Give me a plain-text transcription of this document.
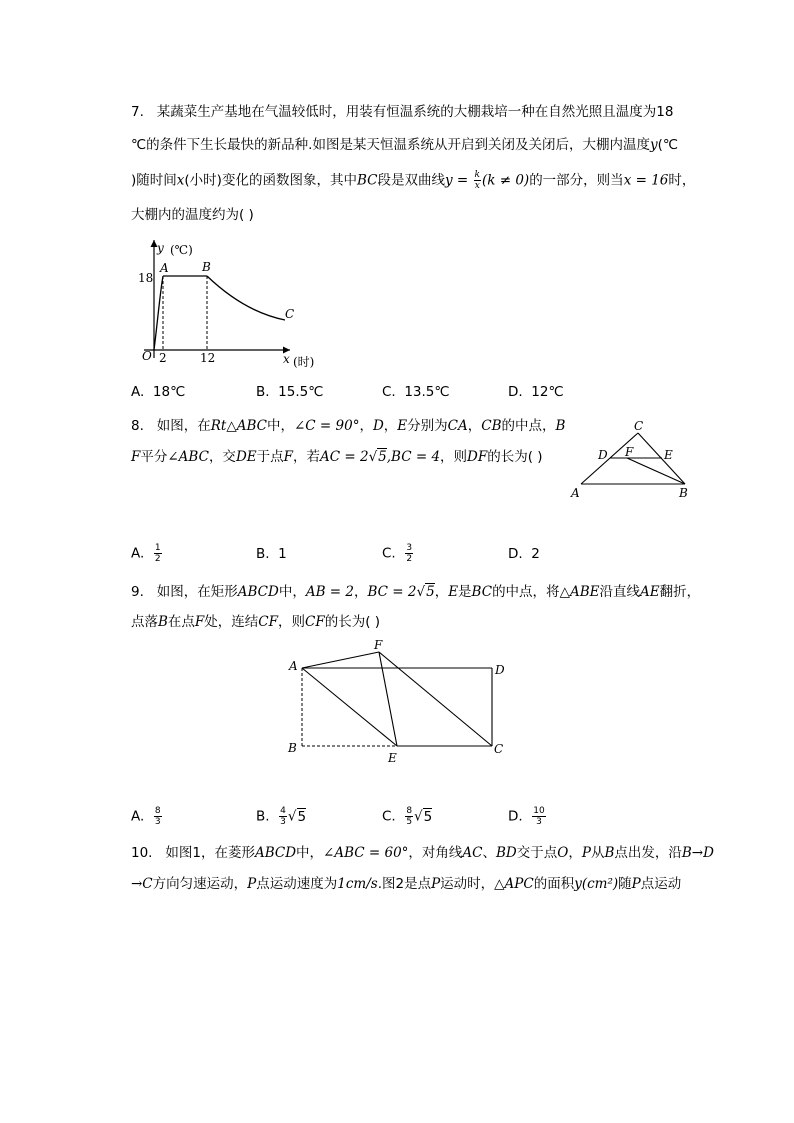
7. 某蔬菜生产基地在气温较低时，用装有恒温系统的大棚栽培一种在自然光照且温度为18
℃的条件下生长最快的新品种.如图是某天恒温系统从开启到关闭及关闭后，大棚内温度y(℃
)随时间x(小时)变化的函数图象，其中BC段是双曲线$y = \frac{k}{x} (k \ne 0)$的一部分，则当x = 16时，
大棚内的温度约为( )
y (℃)
x (时)
O
18
2	12
A	B
C
A. 18℃	B. 15.5℃	C. 13.5℃	D. 12℃
8. 如图，在Rt△ABC中，∠C = 90°，D，E分别为CA，CB的中点，B
F平分∠ABC，交DE于点F，若AC = 2√5,BC = 4，则DF的长为( )
C
D F	E
A	B
A. $\frac{1}{2}$	B. 1	C. $\frac{3}{2}$	D. 2
9. 如图，在矩形ABCD中，AB = 2，BC = 2√5，E是BC的中点，将△ABE沿直线AE翻折，
点落B在点F处，连结CF，则CF的长为( )
A
F
D
B
E
C
A. $\frac{8}{3}$	B. $\frac{4}{3} √5$	C. $\frac{8}{5} √5$	D. $\frac{10}{3}$
10. 如图1，在菱形ABCD中，∠ABC = 60°，对角线AC、BD交于点O，P从B点出发，沿B→D
→C方向匀速运动，P点运动速度为1cm/s.图2是点P运动时，△APC的面积y(cm²)随P点运动
